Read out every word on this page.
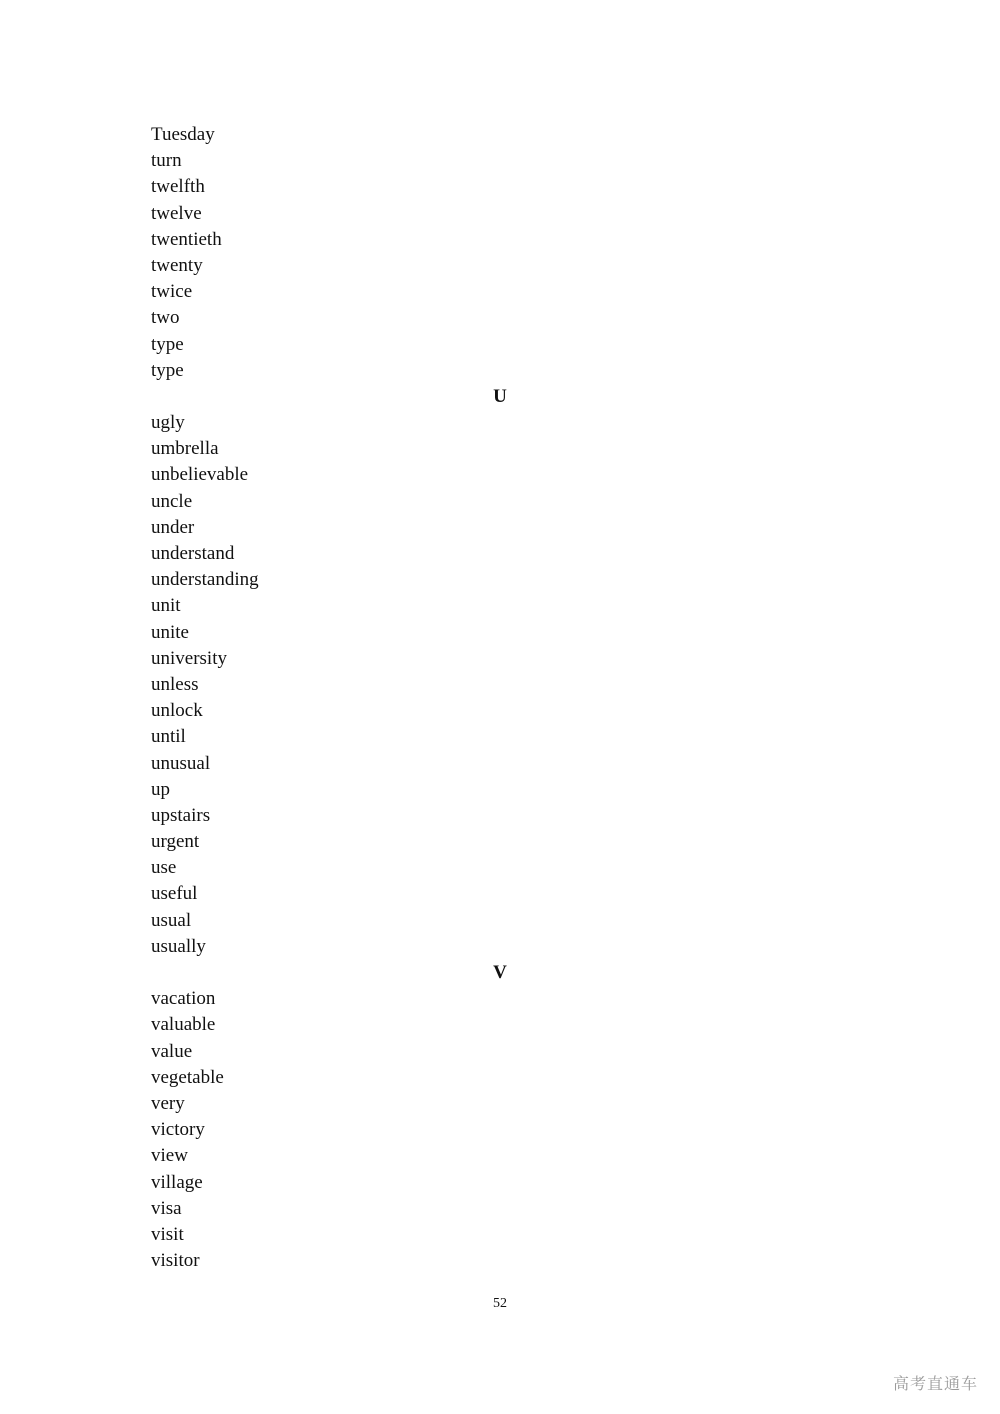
Tuesday
turn
twelfth
twelve
twentieth
twenty
twice
two
type
type
U
ugly
umbrella
unbelievable
uncle
under
understand
understanding
unit
unite
university
unless
unlock
until
unusual
up
upstairs
urgent
use
useful
usual
usually
V
vacation
valuable
value
vegetable
very
victory
view
village
visa
visit
visitor
52
高考直通车
